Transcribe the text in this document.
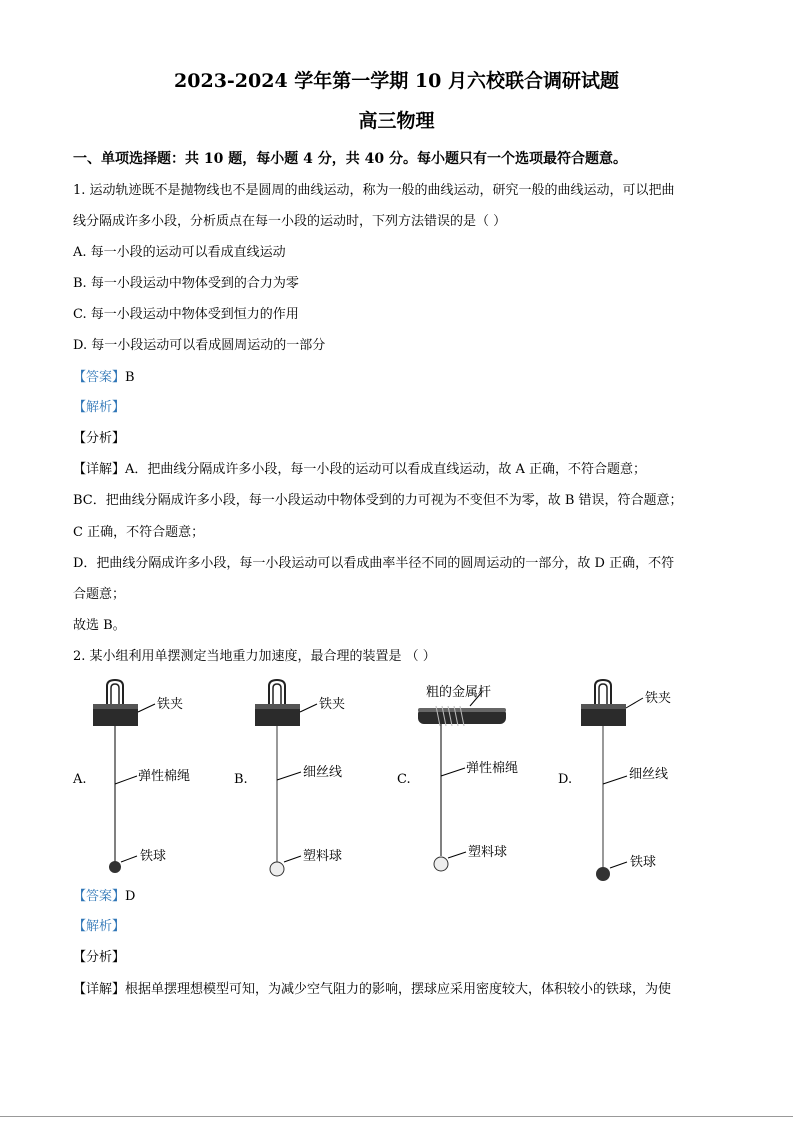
2023-2024 学年第一学期 10 月六校联合调研试题
高三物理
一、单项选择题：共 10 题，每小题 4 分，共 40 分。每小题只有一个选项最符合题意。
1. 运动轨迹既不是抛物线也不是圆周的曲线运动，称为一般的曲线运动，研究一般的曲线运动，可以把曲
线分隔成许多小段，分析质点在每一小段的运动时，下列方法错误的是（ ）
A. 每一小段的运动可以看成直线运动
B. 每一小段运动中物体受到的合力为零
C. 每一小段运动中物体受到恒力的作用
D. 每一小段运动可以看成圆周运动的一部分
【答案】B
【解析】
【分析】
【详解】A．把曲线分隔成许多小段，每一小段的运动可以看成直线运动，故 A 正确，不符合题意；
BC．把曲线分隔成许多小段，每一小段运动中物体受到的力可视为不变但不为零，故 B 错误，符合题意；
C 正确，不符合题意；
D．把曲线分隔成许多小段，每一小段运动可以看成曲率半径不同的圆周运动的一部分，故 D 正确，不符
合题意；
故选 B。
2. 某小组利用单摆测定当地重力加速度，最合理的装置是 （ ）
A.
铁夹
弹性棉绳
铁球
B.
铁夹
细丝线
塑料球
C.
粗的金属杆
弹性棉绳
塑料球
D.
铁夹
细丝线
铁球
【答案】D
【解析】
【分析】
【详解】根据单摆理想模型可知，为减少空气阻力的影响，摆球应采用密度较大，体积较小的铁球，为使
